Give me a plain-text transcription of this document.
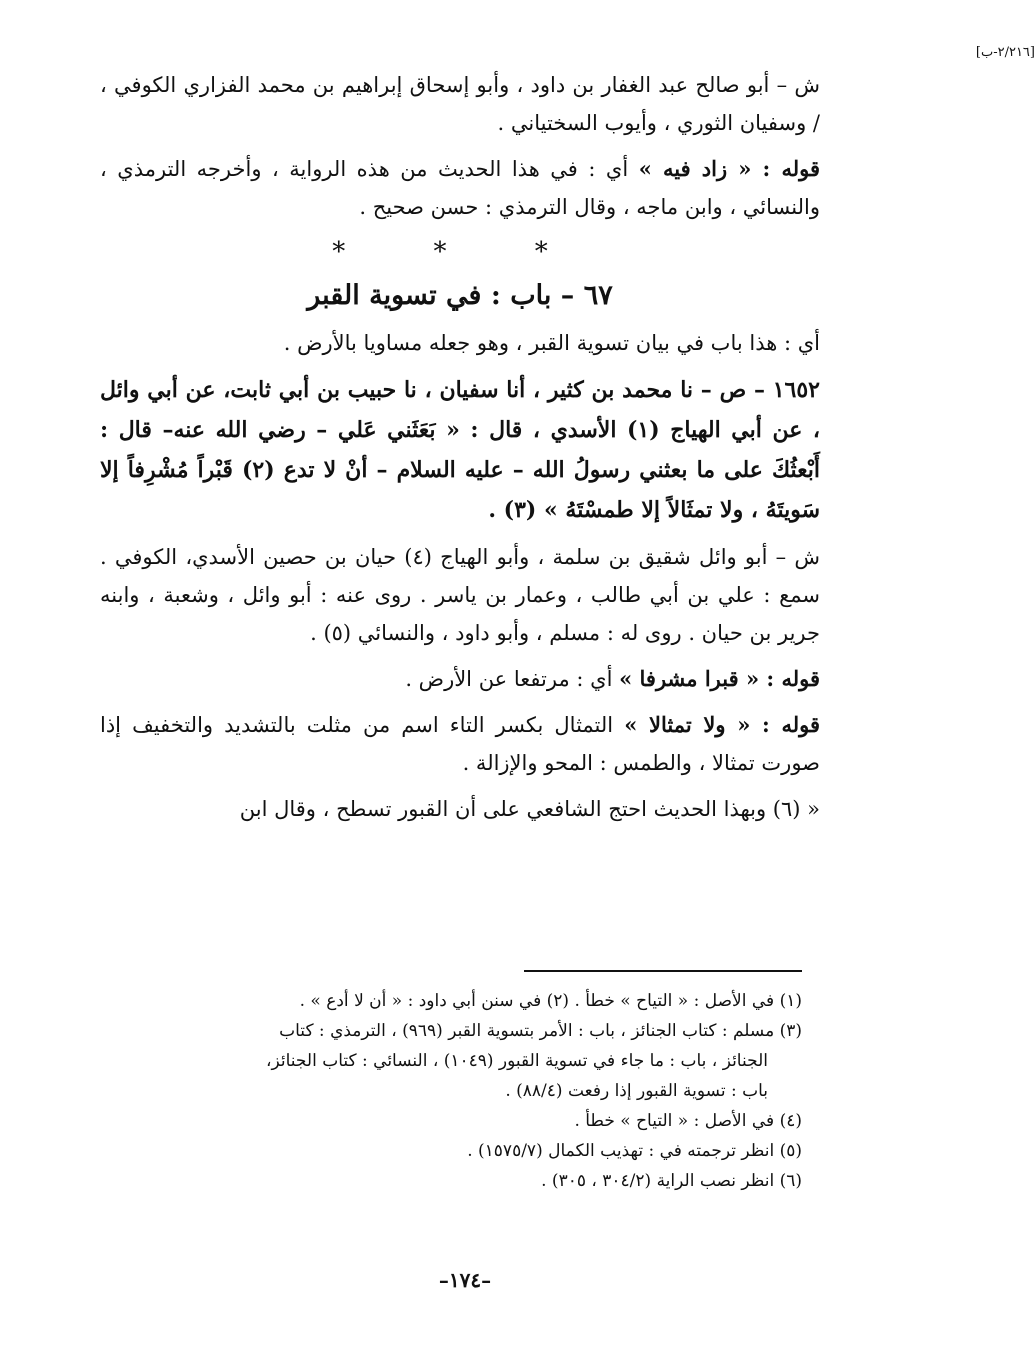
[٢/٢١٦-ب]

ش – أبو صالح عبد الغفار بن داود ، وأبو إسحاق إبراهيم بن محمد الفزاري الكوفي ، / وسفيان الثوري ، وأيوب السختياني .

قوله : « زاد فيه » أي : في هذا الحديث من هذه الرواية ، وأخرجه الترمذي ، والنسائي ، وابن ماجه ، وقال الترمذي : حسن صحيح .

* * *
٦٧ – باب : في تسوية القبر

أي : هذا باب في بيان تسوية القبر ، وهو جعله مساويا بالأرض .

١٦٥٢ – ص – نا محمد بن كثير ، أنا سفيان ، نا حبيب بن أبي ثابت، عن أبي وائل ، عن أبي الهياج (١) الأسدي ، قال : « بَعَثَني عَلي – رضي الله عنه– قال : أَبْعثُكَ على ما بعثني رسولُ الله – عليه السلام – أنْ لا تدع (٢) قَبْراً مُشْرِفاً إلا سَويتَهُ ، ولا تمثَالاً إلا طمسْتَهُ » (٣) .

ش – أبو وائل شقيق بن سلمة ، وأبو الهياج (٤) حيان بن حصين الأسدي، الكوفي . سمع : علي بن أبي طالب ، وعمار بن ياسر . روى عنه : أبو وائل ، وشعبة ، وابنه جرير بن حيان . روى له : مسلم ، وأبو داود ، والنسائي (٥) .

قوله : « قبرا مشرفا » أي : مرتفعا عن الأرض .

قوله : « ولا تمثالا » التمثال بكسر التاء اسم من مثلت بالتشديد والتخفيف إذا صورت تمثالا ، والطمس : المحو والإزالة .

« (٦) وبهذا الحديث احتج الشافعي على أن القبور تسطح ، وقال ابن

(١) في الأصل : « التياح » خطأ . (٢) في سنن أبي داود : « أن لا أدع » .

(٣) مسلم : كتاب الجنائز ، باب : الأمر بتسوية القبر (٩٦٩) ، الترمذي : كتاب

الجنائز ، باب : ما جاء في تسوية القبور (١٠٤٩) ، النسائي : كتاب الجنائز،

باب : تسوية القبور إذا رفعت (٨٨/٤) .

(٤) في الأصل : « التياح » خطأ .

(٥) انظر ترجمته في : تهذيب الكمال (١٥٧٥/٧) .

(٦) انظر نصب الراية (٣٠٤/٢ ، ٣٠٥) .

–١٧٤–
